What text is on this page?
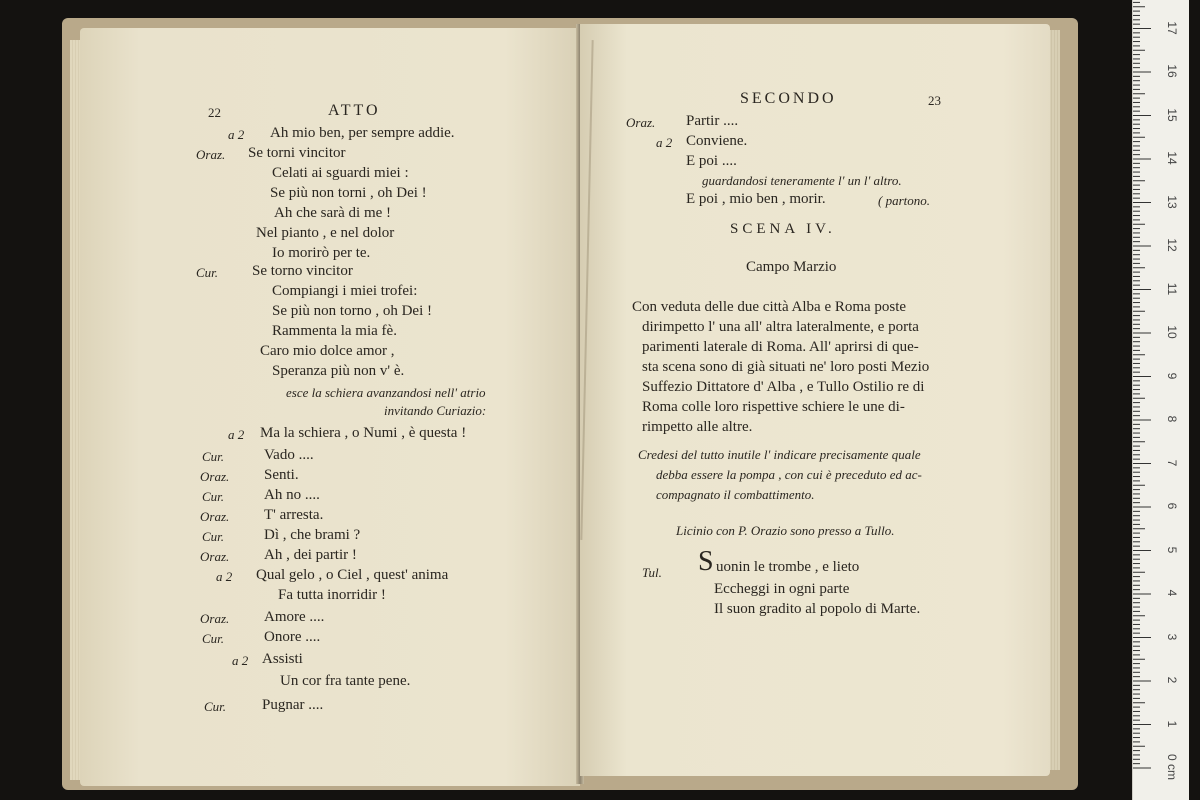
22	ATTO
a 2 Ah mio ben, per sempre addie.
Oraz. Se torni vincitor
Celati ai sguardi miei :
Se più non torni , oh Dei !
Ah che sarà di me !
Nel pianto , e nel dolor
Io morirò per te.
Cur. Se torno vincitor
Compiangi i miei trofei:
Se più non torno , oh Dei !
Rammenta la mia fè.
Caro mio dolce amor ,
Speranza più non v' è.
esce la schiera avanzandosi nell' atrio
invitando Curiazio:
a 2 Ma la schiera , o Numi , è questa !
Cur.	Vado ....
Oraz. Senti.
Cur.	Ah no ....
Oraz. T' arresta.
Cur.	Dì , che brami ?
Oraz. Ah , dei partir !
a 2 Qual gelo , o Ciel , quest' anima
Fa tutta inorridir !
Oraz. Amore ....
Cur.	Onore ....
a 2 Assisti
Un cor fra tante pene.
Cur. Pugnar ....
SECONDO	23
Oraz. Partir ....
a 2 Conviene.
E poi ....
guardandosi teneramente l' un l' altro.
E poi , mio ben , morir.	( partono.
SCENA IV.
Campo Marzio
Con veduta delle due città Alba e Roma poste
dirimpetto l' una all' altra lateralmente, e porta
parimenti laterale di Roma. All' aprirsi di que-
sta scena sono di già situati ne' loro posti Mezio
Suffezio Dittatore d' Alba , e Tullo Ostilio re di
Roma colle loro rispettive schiere le une di-
rimpetto alle altre.
Credesi del tutto inutile l' indicare precisamente quale
debba essere la pompa , con cui è preceduto ed ac-
compagnato il combattimento.
Licinio con P. Orazio sono presso a Tullo.
Tul. S uonin le trombe , e lieto
Eccheggi in ogni parte
Il suon gradito al popolo di Marte.
0 cm
1
2
3
4
5
6
7
8
9
10
11
12
13
14
15
16
17
